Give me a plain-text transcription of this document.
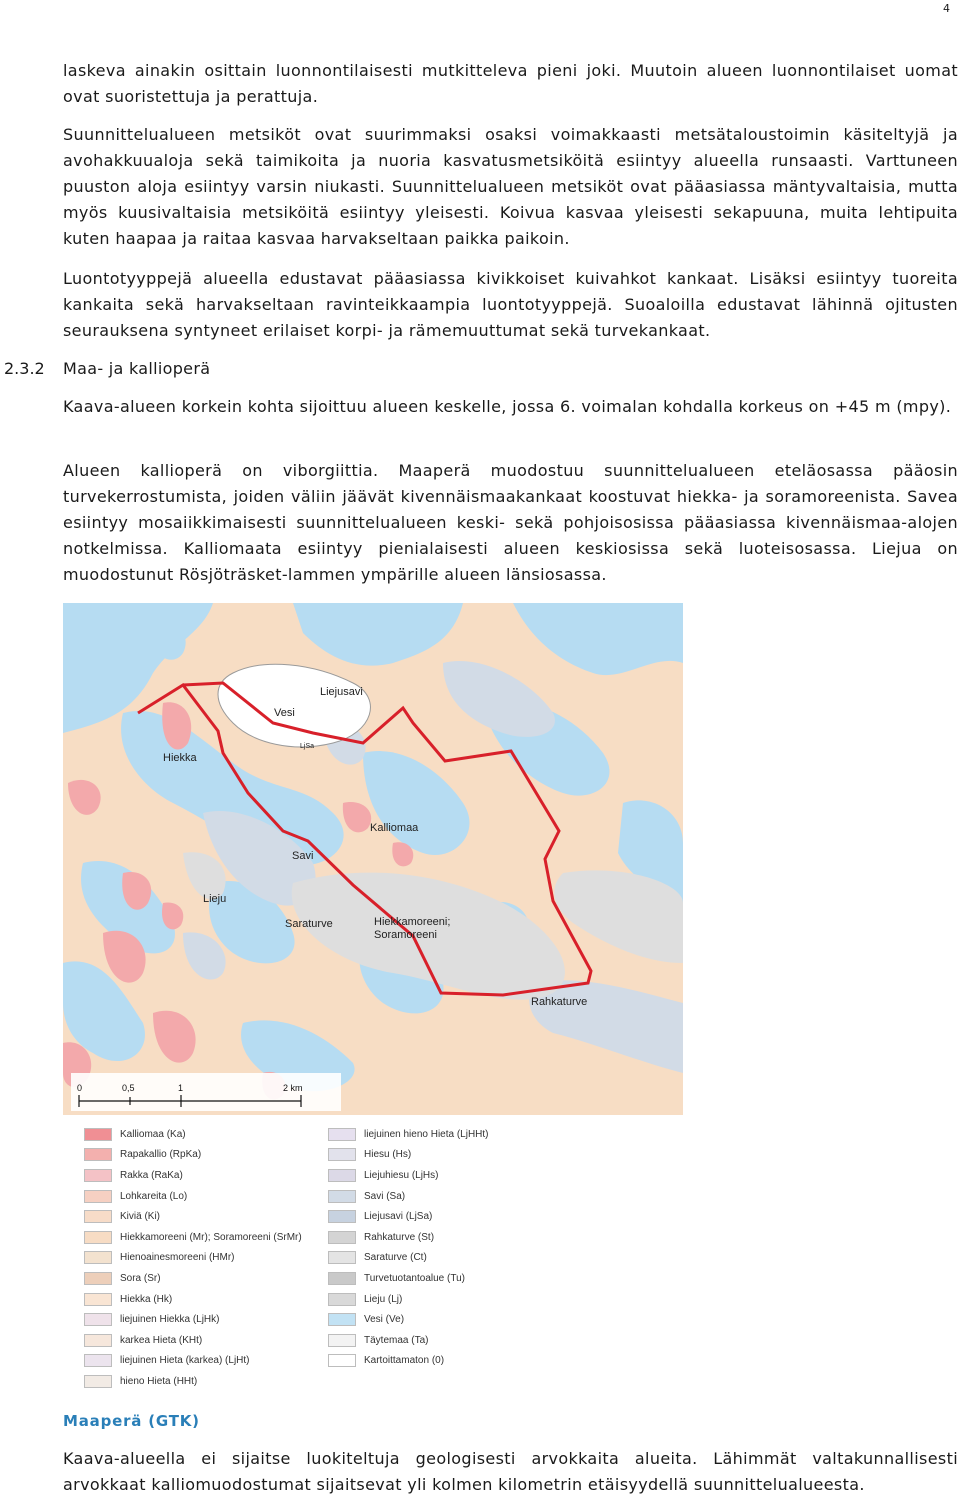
4

laskeva ainakin osittain luonnontilaisesti mutkitteleva pieni joki. Muutoin alueen luonnontilaiset uomat ovat suoristettuja ja perattuja.

Suunnittelualueen metsiköt ovat suurimmaksi osaksi voimakkaasti metsätaloustoimin käsiteltyjä ja avohakkuualoja sekä taimikoita ja nuoria kasvatusmetsiköitä esiintyy alueella runsaasti. Varttuneen puuston aloja esiintyy varsin niukasti. Suunnittelualueen metsiköt ovat pääasiassa mäntyvaltaisia, mutta myös kuusivaltaisia metsiköitä esiintyy yleisesti. Koivua kasvaa yleisesti sekapuuna, muita lehtipuita kuten haapaa ja raitaa kasvaa harvakseltaan paikka paikoin.

Luontotyyppejä alueella edustavat pääasiassa kivikkoiset kuivahkot kankaat. Lisäksi esiintyy tuoreita kankaita sekä harvakseltaan ravinteikkaampia luontotyyppejä. Suoaloilla edustavat lähinnä ojitusten seurauksena syntyneet erilaiset korpi- ja rämemuuttumat sekä turvekankaat.

2.3.2 Maa- ja kallioperä

Kaava-alueen korkein kohta sijoittuu alueen keskelle, jossa 6. voimalan kohdalla korkeus on +45 m (mpy).

Alueen kallioperä on viborgiittia. Maaperä muodostuu suunnittelualueen eteläosassa pääosin turvekerrostumista, joiden väliin jäävät kivennäismaakankaat koostuvat hiekka- ja soramoreenista. Savea esiintyy mosaiikkimaisesti suunnittelualueen keski- sekä pohjoisosissa pääasiassa kivennäismaa-alojen notkelmissa. Kalliomaata esiintyy pienialaisesti alueen keskiosissa sekä luoteisosassa. Liejua on muodostunut Rösjöträsket-lammen ympärille alueen länsiosassa.

Vesi
Liejusavi
LjSa
Hiekka
Kalliomaa
Savi
Lieju
Saraturve	Hiekkamoreeni;
Soramoreeni
Rahkaturve
0	0,5	1	2 km
Kalliomaa (Ka)
Rapakallio (RpKa)
Rakka (RaKa)
Lohkareita (Lo)
Kiviä (Ki)
Hiekkamoreeni (Mr); Soramoreeni (SrMr)
Hienoainesmoreeni (HMr)
Sora (Sr)
Hiekka (Hk)
liejuinen Hiekka (LjHk)
karkea Hieta (KHt)
liejuinen Hieta (karkea) (LjHt)
hieno Hieta (HHt)
liejuinen hieno Hieta (LjHHt)
Hiesu (Hs)
Liejuhiesu (LjHs)
Savi (Sa)
Liejusavi (LjSa)
Rahkaturve (St)
Saraturve (Ct)
Turvetuotantoalue (Tu)
Lieju (Lj)
Vesi (Ve)
Täytemaa (Ta)
Kartoittamaton (0)
Maaperä (GTK)

Kaava-alueella ei sijaitse luokiteltuja geologisesti arvokkaita alueita. Lähimmät valtakunnallisesti arvokkaat kalliomuodostumat sijaitsevat yli kolmen kilometrin etäisyydellä suunnittelualueesta.
